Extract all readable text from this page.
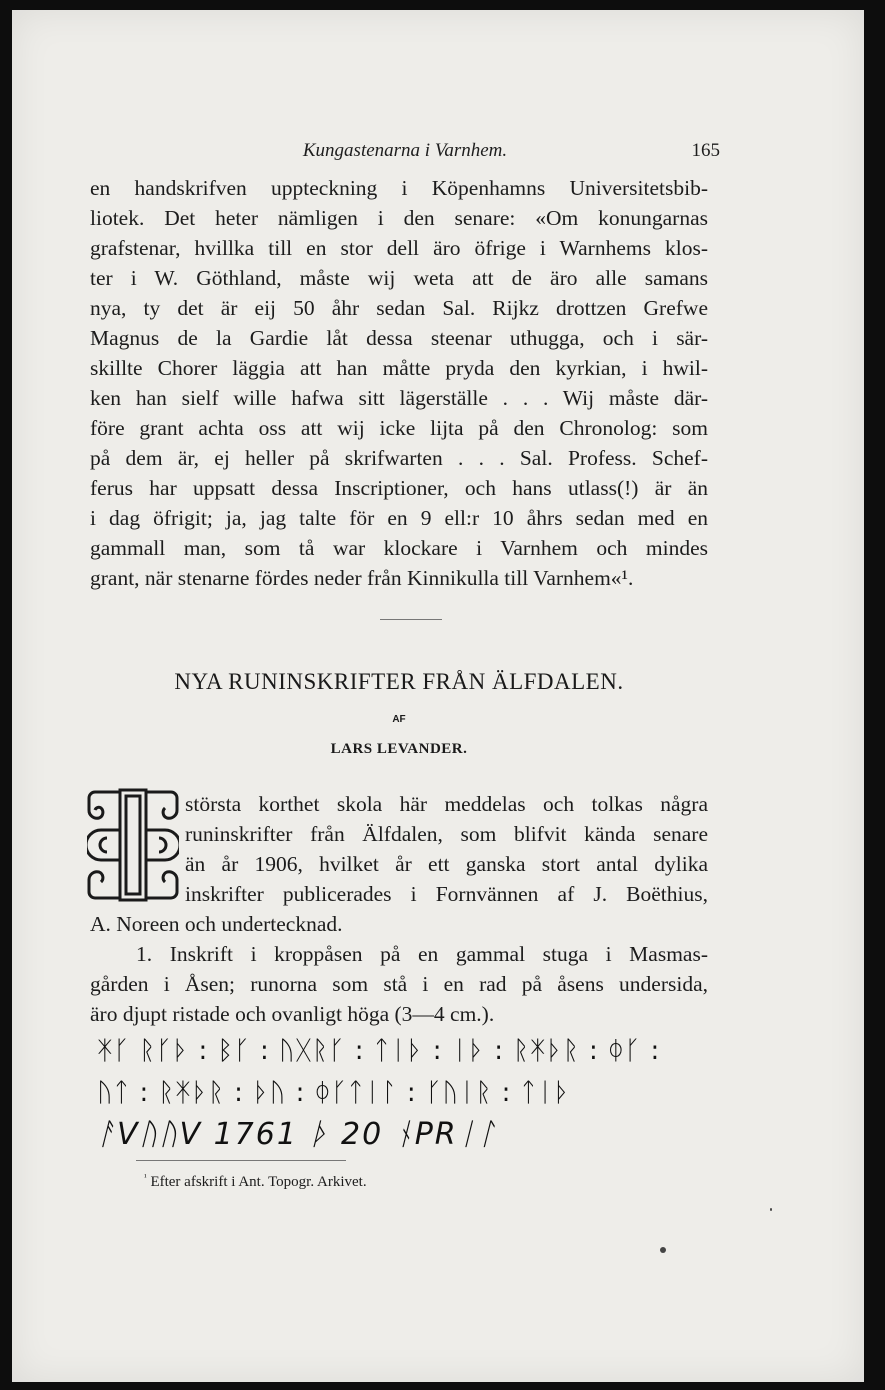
Kungastenarna i Varnhem.	165
en handskrifven uppteckning i Köpenhamns Universitetsbib-
liotek. Det heter nämligen i den senare: «Om konungarnas
grafstenar, hvillka till en stor dell äro öfrige i Warnhems klos-
ter i W. Göthland, måste wij weta att de äro alle samans
nya, ty det är eij 50 åhr sedan Sal. Rijkz drottzen Grefwe
Magnus de la Gardie låt dessa steenar uthugga, och i sär-
skillte Chorer läggia att han måtte pryda den kyrkian, i hwil-
ken han sielf wille hafwa sitt lägerställe . . . Wij måste där-
före grant achta oss att wij icke lijta på den Chronolog: som
på dem är, ej heller på skrifwarten . . . Sal. Profess. Schef-
ferus har uppsatt dessa Inscriptioner, och hans utlass(!) är än
i dag öfrigit; ja, jag talte för en 9 ell:r 10 åhrs sedan med en
gammall man, som tå war klockare i Varnhem och mindes
grant, när stenarne fördes neder från Kinnikulla till Varnhem«¹.
NYA RUNINSKRIFTER FRÅN ÄLFDALEN.
AF
LARS LEVANDER.
största korthet skola här meddelas och tolkas några
runinskrifter från Älfdalen, som blifvit kända senare
än år 1906, hvilket år ett ganska stort antal dylika
inskrifter publicerades i Fornvännen af J. Boëthius,
A. Noreen och undertecknad.
1. Inskrift i kroppåsen på en gammal stuga i Masmas-
gården i Åsen; runorna som stå i en rad på åsens undersida,
äro djupt ristade och ovanligt höga (3—4 cm.).
ᛡᚴ ᚱᚴᚦ : ᛒᚴ : ᚢᚷᚱᚴ : ᛏᛁᚦ : ᛁᚦ : ᚱᛡᚦᚱ : ᛰᚴ :
ᚢᛏ : ᚱᛡᚦᚱ : ᚦᚢ : ᛰᚴᛏᛁᛚ : ᚴᚢᛁᚱ : ᛏᛁᚦ
ᚨVᚢᚢV 1761 ᚦ 20 ᚾPRᛁᛚ
$^{^1}$ Efter afskrift i Ant. Topogr. Arkivet.
